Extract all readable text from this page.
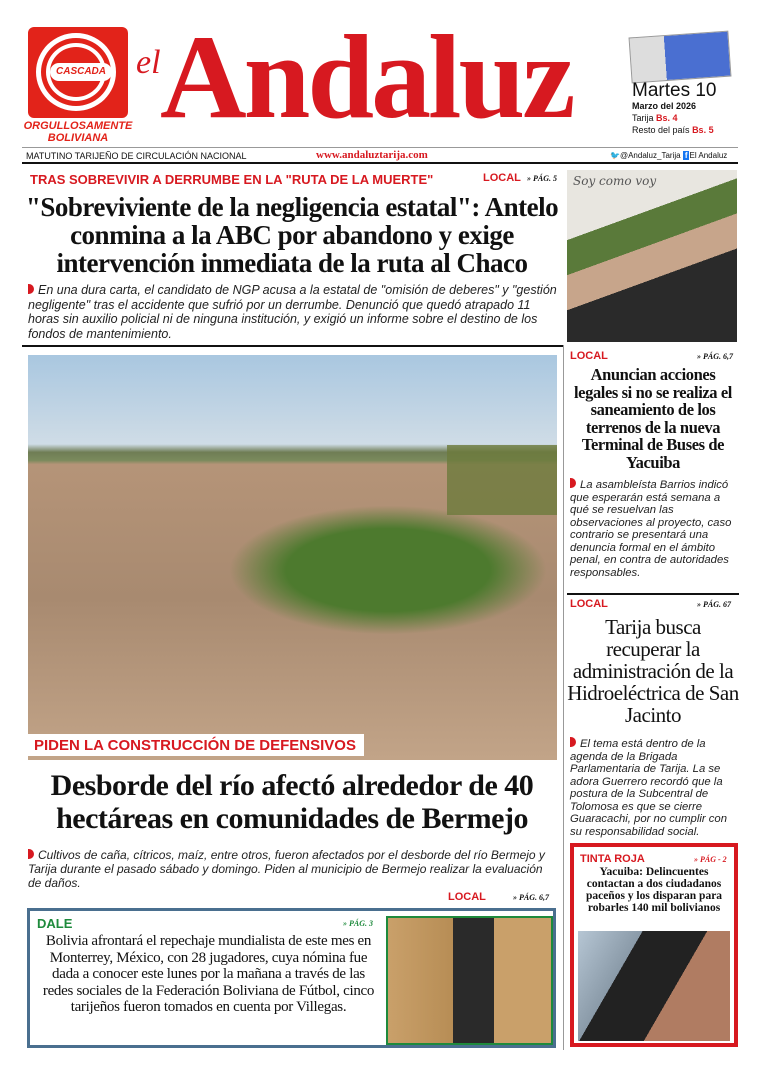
CASCADA
ORGULLOSAMENTE BOLIVIANA
el Andaluz	Martes 10
Marzo del 2026
Tarija Bs. 4
Resto del país Bs. 5
MATUTINO TARIJEÑO DE CIRCULACIÓN NACIONAL	www.andaluztarija.com	🐦@Andaluz_Tarija f El Andaluz
TRAS SOBREVIVIR A DERRUMBE EN LA "RUTA DE LA MUERTE"	LOCAL » PÁG. 5
"Sobreviviente de la negligencia estatal": Antelo conmina a la ABC por abandono y exige intervención inmediata de la ruta al Chaco
En una dura carta, el candidato de NGP acusa a la estatal de "omisión de deberes" y "gestión negligente" tras el accidente que sufrió por un derrumbe. Denunció que quedó atrapado 11 horas sin auxilio policial ni de ninguna institución, y exigió un informe sobre el destino de los fondos de mantenimiento.
Soy como voy
PIDEN LA CONSTRUCCIÓN DE DEFENSIVOS
Desborde del río afectó alrededor de 40 hectáreas en comunidades de Bermejo
Cultivos de caña, cítricos, maíz, entre otros, fueron afectados por el desborde del río Bermejo y Tarija durante el pasado sábado y domingo. Piden al municipio de Bermejo realizar la evaluación de daños.
LOCAL	» PÁG. 6,7
DALE	» PÁG. 3
Bolivia afrontará el repechaje mundialista de este mes en Monterrey, México, con 28 jugadores, cuya nómina fue dada a conocer este lunes por la mañana a través de las redes sociales de la Federación Boliviana de Fútbol, cinco tarijeños fueron tomados en cuenta por Villegas.
LOCAL	» PÁG. 6,7
Anuncian acciones legales si no se realiza el saneamiento de los terrenos de la nueva Terminal de Buses de Yacuiba
La asambleísta Barrios indicó que esperarán está semana a qué se resuelvan las observaciones al proyecto, caso contrario se presentará una denuncia formal en el ámbito penal, en contra de autoridades responsables.
LOCAL	» PÁG. 67
Tarija busca recuperar la administración de la Hidroeléctrica de San Jacinto
El tema está dentro de la agenda de la Brigada Parlamentaria de Tarija. La se adora Guerrero recordó que la postura de la Subcentral de Tolomosa es que se cierre Guaracachi, por no cumplir con su responsabilidad social.
TINTA ROJA	» PÁG - 2
Yacuiba: Delincuentes contactan a dos ciudadanos paceños y los disparan para robarles 140 mil bolivianos
